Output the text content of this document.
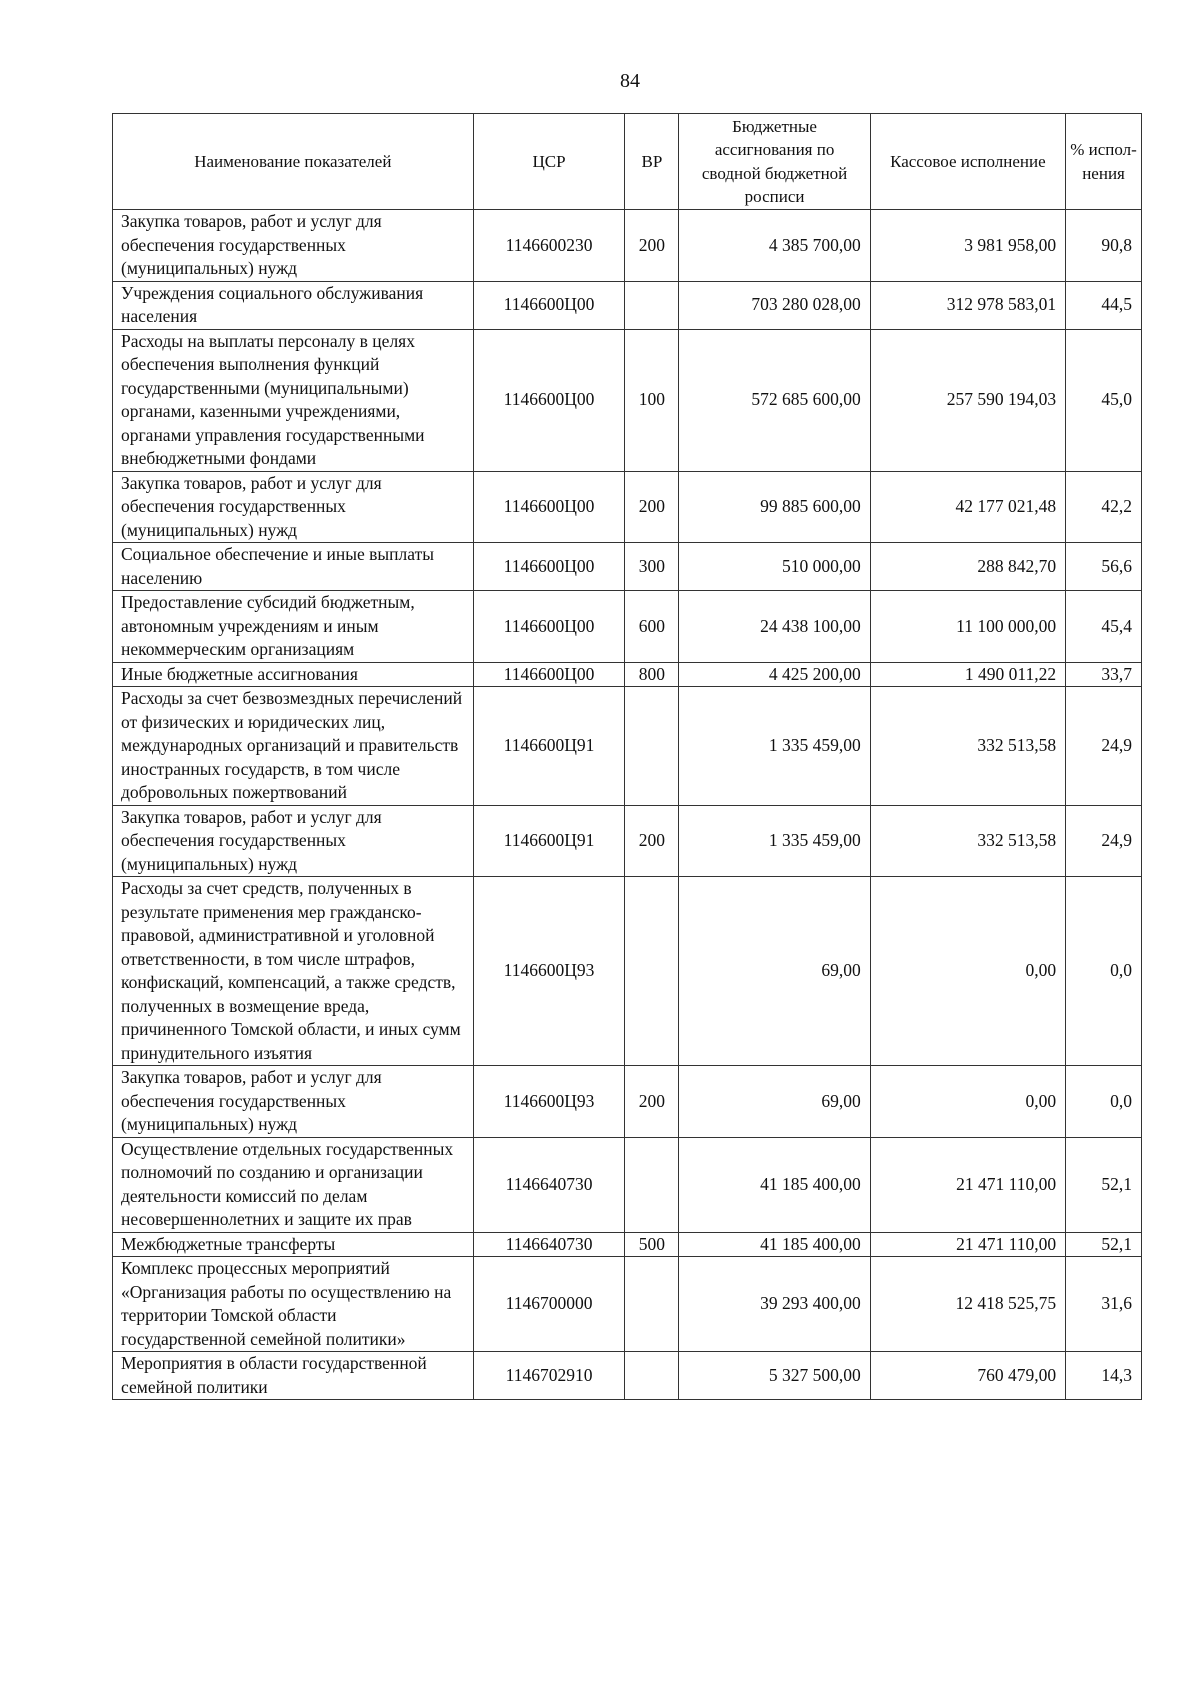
84
Наименование показателей	ЦСР	ВР	Бюджетные ассигнования по сводной бюджетной росписи	Кассовое исполнение	% испол-нения
Закупка товаров, работ и услуг для обеспечения государственных (муниципальных) нужд	1146600230	200	4 385 700,00	3 981 958,00	90,8
Учреждения социального обслуживания населения	1146600Ц00		703 280 028,00	312 978 583,01	44,5
Расходы на выплаты персоналу в целях обеспечения выполнения функций государственными (муниципальными) органами, казенными учреждениями, органами управления государственными внебюджетными фондами	1146600Ц00	100	572 685 600,00	257 590 194,03	45,0
Закупка товаров, работ и услуг для обеспечения государственных (муниципальных) нужд	1146600Ц00	200	99 885 600,00	42 177 021,48	42,2
Социальное обеспечение и иные выплаты населению	1146600Ц00	300	510 000,00	288 842,70	56,6
Предоставление субсидий бюджетным, автономным учреждениям и иным некоммерческим организациям	1146600Ц00	600	24 438 100,00	11 100 000,00	45,4
Иные бюджетные ассигнования	1146600Ц00	800	4 425 200,00	1 490 011,22	33,7
Расходы за счет безвозмездных перечислений от физических и юридических лиц, международных организаций и правительств иностранных государств, в том числе добровольных пожертвований	1146600Ц91		1 335 459,00	332 513,58	24,9
Закупка товаров, работ и услуг для обеспечения государственных (муниципальных) нужд	1146600Ц91	200	1 335 459,00	332 513,58	24,9
Расходы за счет средств, полученных в результате применения мер гражданско-правовой, административной и уголовной ответственности, в том числе штрафов, конфискаций, компенсаций, а также средств, полученных в возмещение вреда, причиненного Томской области, и иных сумм принудительного изъятия	1146600Ц93		69,00	0,00	0,0
Закупка товаров, работ и услуг для обеспечения государственных (муниципальных) нужд	1146600Ц93	200	69,00	0,00	0,0
Осуществление отдельных государственных полномочий по созданию и организации деятельности комиссий по делам несовершеннолетних и защите их прав	1146640730		41 185 400,00	21 471 110,00	52,1
Межбюджетные трансферты	1146640730	500	41 185 400,00	21 471 110,00	52,1
Комплекс процессных мероприятий «Организация работы по осуществлению на территории Томской области государственной семейной политики»	1146700000		39 293 400,00	12 418 525,75	31,6
Мероприятия в области государственной семейной политики	1146702910		5 327 500,00	760 479,00	14,3
